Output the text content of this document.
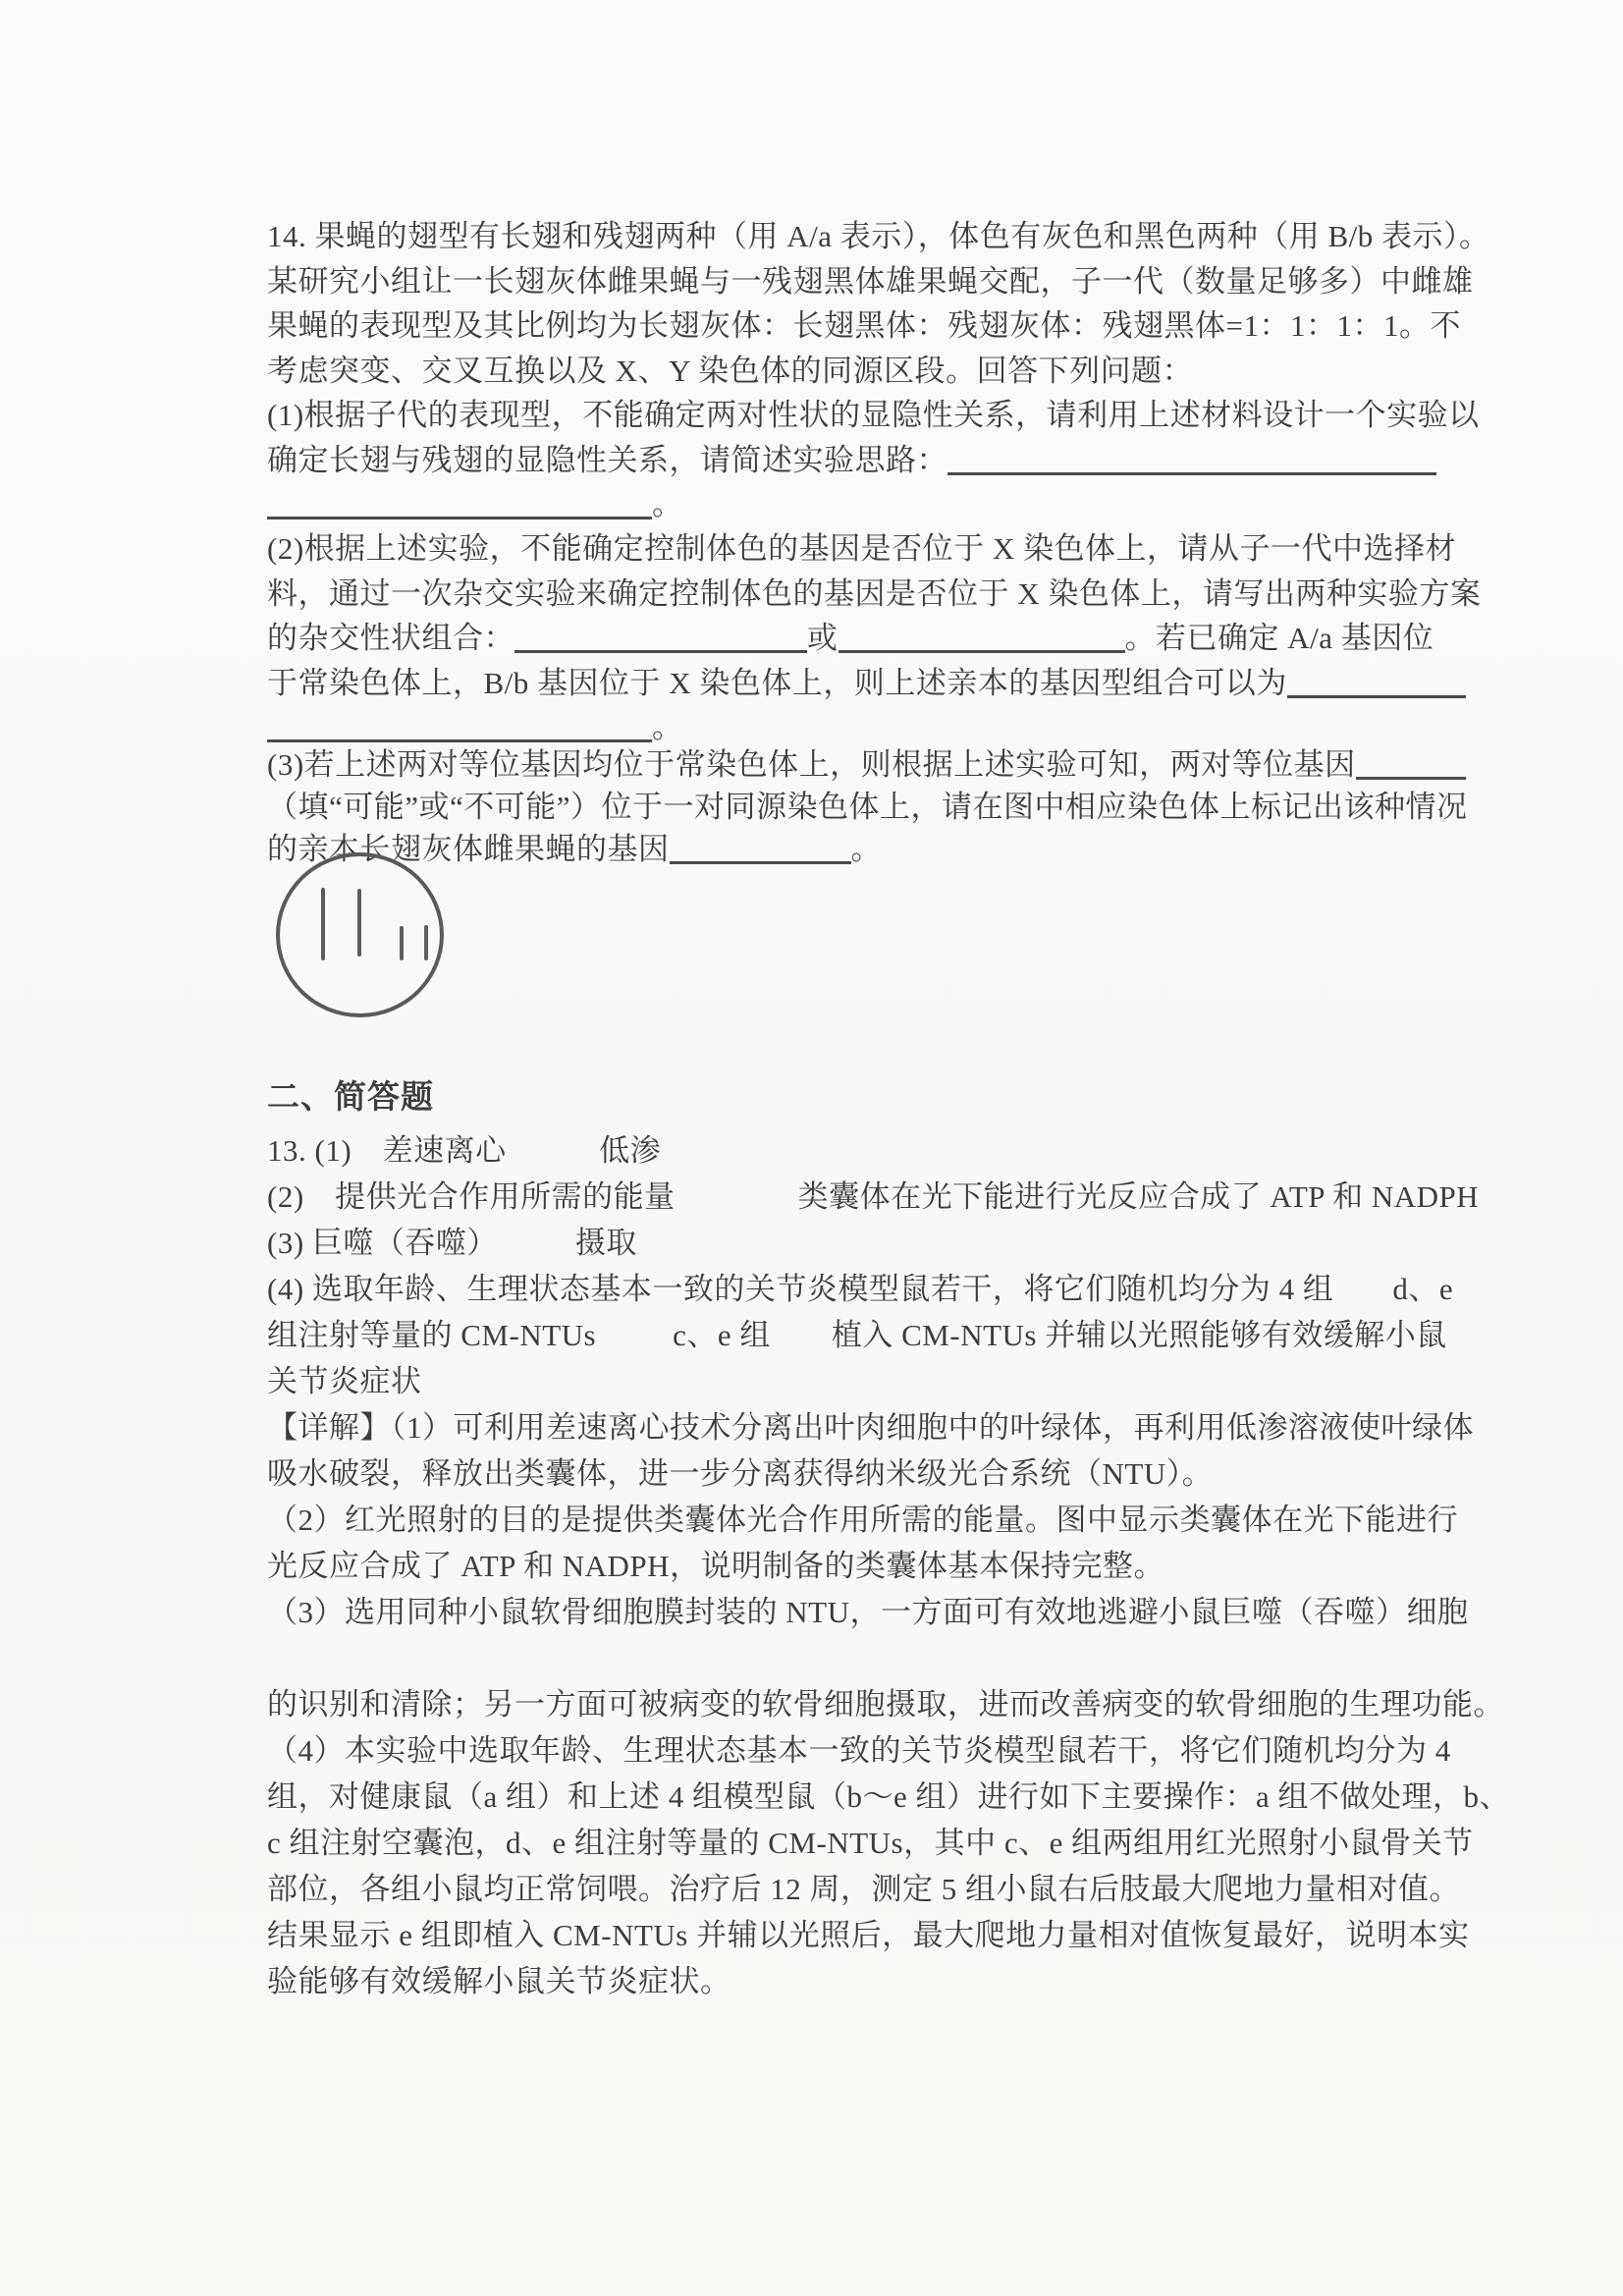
14. 果蝇的翅型有长翅和残翅两种（用 A/a 表示），体色有灰色和黑色两种（用 B/b 表示）。
某研究小组让一长翅灰体雌果蝇与一残翅黑体雄果蝇交配，子一代（数量足够多）中雌雄
果蝇的表现型及其比例均为长翅灰体：长翅黑体：残翅灰体：残翅黑体=1：1：1：1。不
考虑突变、交叉互换以及 X、Y 染色体的同源区段。回答下列问题：
(1)根据子代的表现型，不能确定两对性状的显隐性关系，请利用上述材料设计一个实验以
确定长翅与残翅的显隐性关系，请简述实验思路：
。
(2)根据上述实验，不能确定控制体色的基因是否位于 X 染色体上，请从子一代中选择材
料，通过一次杂交实验来确定控制体色的基因是否位于 X 染色体上，请写出两种实验方案
的杂交性状组合：	或	。若已确定 A/a 基因位
于常染色体上，B/b 基因位于 X 染色体上，则上述亲本的基因型组合可以为
。
(3)若上述两对等位基因均位于常染色体上，则根据上述实验可知，两对等位基因
（填“可能”或“不可能”）位于一对同源染色体上，请在图中相应染色体上标记出该种情况
的亲本长翅灰体雌果蝇的基因	。
二、简答题
13. (1)　差速离心　　　低渗
(2)　提供光合作用所需的能量	类囊体在光下能进行光反应合成了 ATP 和 NADPH
(3) 巨噬（吞噬）　　　摄取
(4) 选取年龄、生理状态基本一致的关节炎模型鼠若干，将它们随机均分为 4 组 d、e
组注射等量的 CM-NTUs	c、e 组 植入 CM-NTUs 并辅以光照能够有效缓解小鼠
关节炎症状
【详解】（1）可利用差速离心技术分离出叶肉细胞中的叶绿体，再利用低渗溶液使叶绿体
吸水破裂，释放出类囊体，进一步分离获得纳米级光合系统（NTU）。
（2）红光照射的目的是提供类囊体光合作用所需的能量。图中显示类囊体在光下能进行
光反应合成了 ATP 和 NADPH，说明制备的类囊体基本保持完整。
（3）选用同种小鼠软骨细胞膜封装的 NTU，一方面可有效地逃避小鼠巨噬（吞噬）细胞
的识别和清除；另一方面可被病变的软骨细胞摄取，进而改善病变的软骨细胞的生理功能。
（4）本实验中选取年龄、生理状态基本一致的关节炎模型鼠若干，将它们随机均分为 4
组，对健康鼠（a 组）和上述 4 组模型鼠（b～e 组）进行如下主要操作：a 组不做处理，b、
c 组注射空囊泡，d、e 组注射等量的 CM-NTUs，其中 c、e 组两组用红光照射小鼠骨关节
部位，各组小鼠均正常饲喂。治疗后 12 周，测定 5 组小鼠右后肢最大爬地力量相对值。
结果显示 e 组即植入 CM-NTUs 并辅以光照后，最大爬地力量相对值恢复最好，说明本实
验能够有效缓解小鼠关节炎症状。
